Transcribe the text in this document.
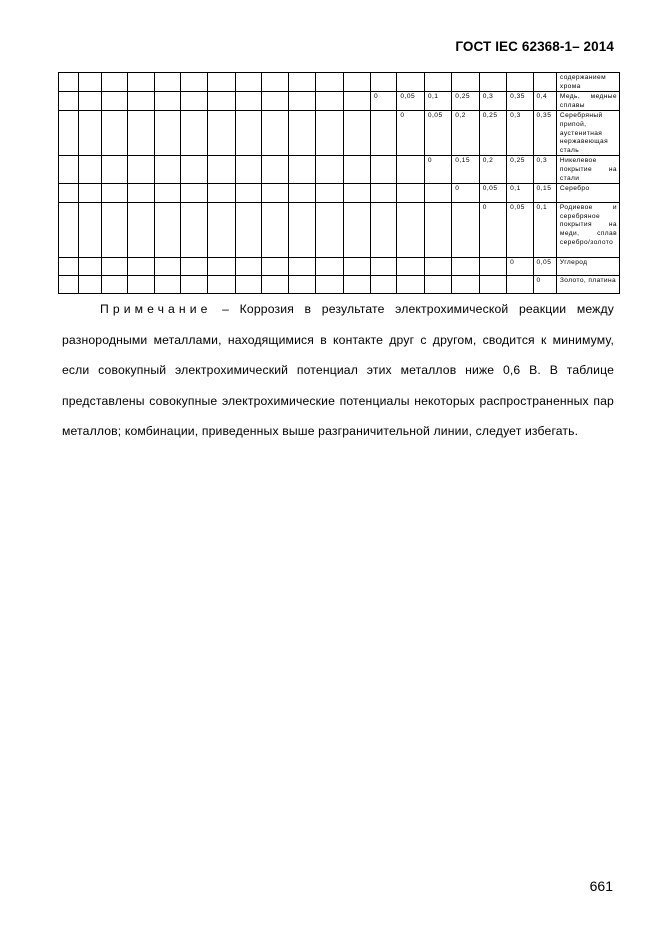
ГОСТ IEC 62368-1– 2014
																			содержанием хрома
												0	0,05	0,1	0,25	0,3	0,35	0,4	Медь, медные сплавы
													0	0,05	0,2	0,25	0,3	0,35	Серебряный припой, аустенитная нержавеющая сталь
														0	0,15	0,2	0,25	0,3	Никелевое покрытие на стали
															0	0,05	0,1	0,15	Серебро
																0	0,05	0,1	Родиевое и серебряное покрытия на меди, сплав серебро/золото
																	0	0,05	Углерод
																		0	Золото, платина
Примечание – Коррозия в результате электрохимической реакции между разнородными металлами, находящимися в контакте друг с другом, сводится к минимуму, если совокупный электрохимический потенциал этих металлов ниже 0,6 В. В таблице представлены совокупные электрохимические потенциалы некоторых распространенных пар металлов; комбинации, приведенных выше разграничительной линии, следует избегать.
661
